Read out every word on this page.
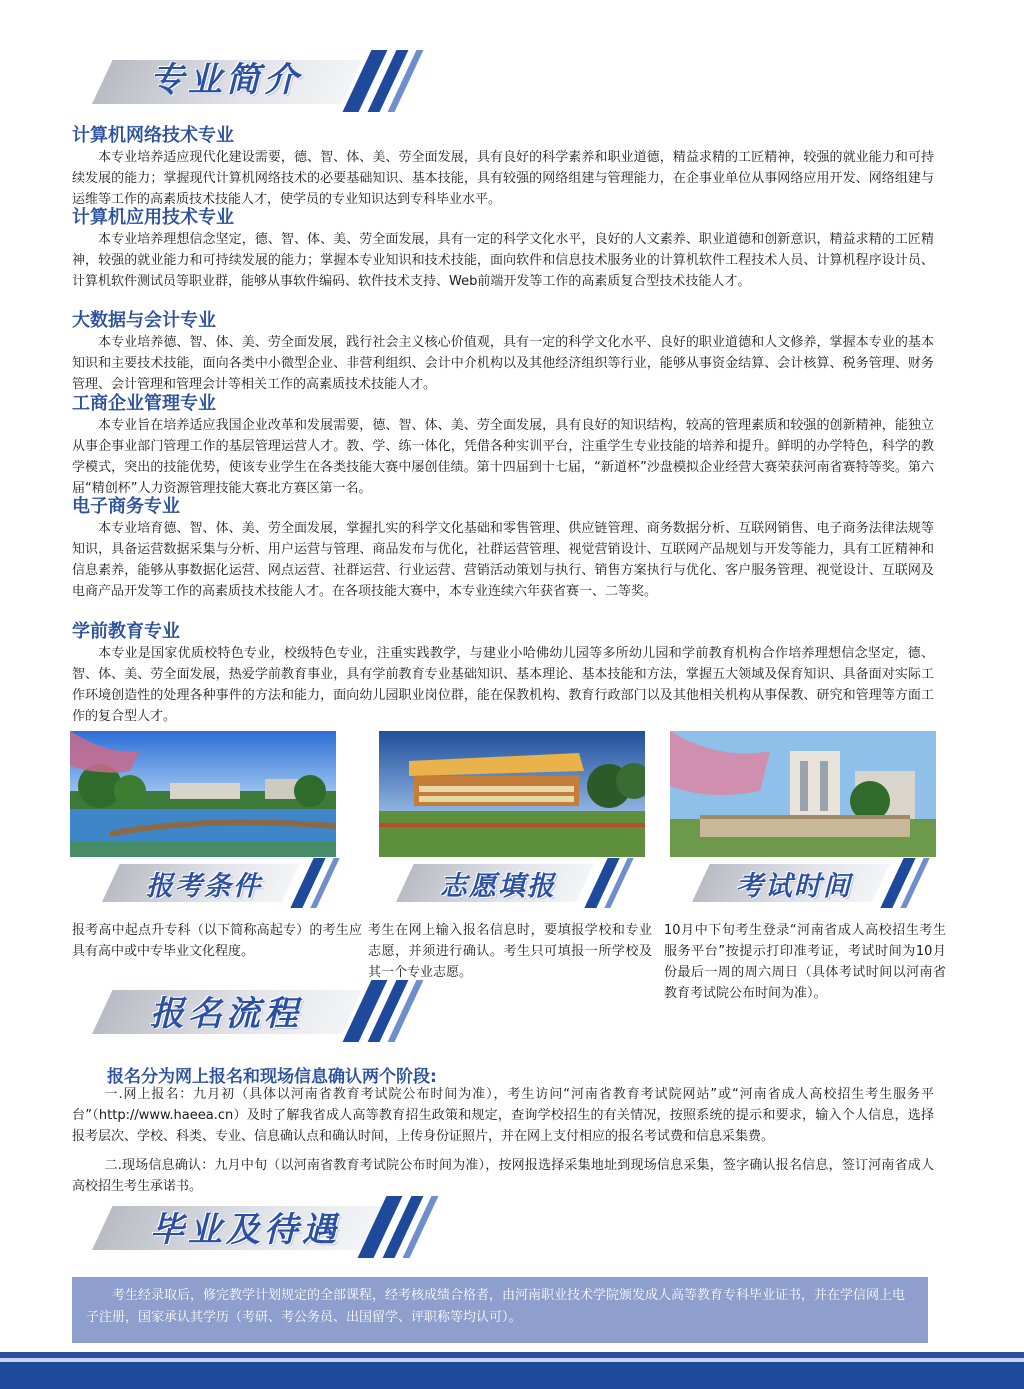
专业简介
计算机网络技术专业

本专业培养适应现代化建设需要，德、智、体、美、劳全面发展，具有良好的科学素养和职业道德，精益求精的工匠精神，较强的就业能力和可持续发展的能力；掌握现代计算机网络技术的必要基础知识、基本技能，具有较强的网络组建与管理能力，在企事业单位从事网络应用开发、网络组建与运维等工作的高素质技术技能人才，使学员的专业知识达到专科毕业水平。

计算机应用技术专业

本专业培养理想信念坚定，德、智、体、美、劳全面发展，具有一定的科学文化水平，良好的人文素养、职业道德和创新意识，精益求精的工匠精神，较强的就业能力和可持续发展的能力；掌握本专业知识和技术技能，面向软件和信息技术服务业的计算机软件工程技术人员、计算机程序设计员、计算机软件测试员等职业群，能够从事软件编码、软件技术支持、Web前端开发等工作的高素质复合型技术技能人才。

大数据与会计专业

本专业培养德、智、体、美、劳全面发展，践行社会主义核心价值观，具有一定的科学文化水平、良好的职业道德和人文修养，掌握本专业的基本知识和主要技术技能，面向各类中小微型企业、非营利组织、会计中介机构以及其他经济组织等行业，能够从事资金结算、会计核算、税务管理、财务管理、会计管理和管理会计等相关工作的高素质技术技能人才。

工商企业管理专业

本专业旨在培养适应我国企业改革和发展需要，德、智、体、美、劳全面发展，具有良好的知识结构，较高的管理素质和较强的创新精神，能独立从事企事业部门管理工作的基层管理运营人才。教、学、练一体化，凭借各种实训平台，注重学生专业技能的培养和提升。鲜明的办学特色，科学的教学模式，突出的技能优势，使该专业学生在各类技能大赛中屡创佳绩。第十四届到十七届，“新道杯”沙盘模拟企业经营大赛荣获河南省赛特等奖。第六届“精创杯”人力资源管理技能大赛北方赛区第一名。

电子商务专业

本专业培育德、智、体、美、劳全面发展，掌握扎实的科学文化基础和零售管理、供应链管理、商务数据分析、互联网销售、电子商务法律法规等知识，具备运营数据采集与分析、用户运营与管理、商品发布与优化，社群运营管理、视觉营销设计、互联网产品规划与开发等能力，具有工匠精神和信息素养，能够从事数据化运营、网点运营、社群运营、行业运营、营销活动策划与执行、销售方案执行与优化、客户服务管理、视觉设计、互联网及电商产品开发等工作的高素质技术技能人才。在各项技能大赛中，本专业连续六年获省赛一、二等奖。

学前教育专业

本专业是国家优质校特色专业，校级特色专业，注重实践教学，与建业小哈佛幼儿园等多所幼儿园和学前教育机构合作培养理想信念坚定，德、智、体、美、劳全面发展，热爱学前教育事业，具有学前教育专业基础知识、基本理论、基本技能和方法，掌握五大领域及保育知识、具备面对实际工作环境创造性的处理各种事件的方法和能力，面向幼儿园职业岗位群，能在保教机构、教育行政部门以及其他相关机构从事保教、研究和管理等方面工作的复合型人才。

报考条件	志愿填报	考试时间
报考高中起点升专科（以下简称高起专）的考生应具有高中或中专毕业文化程度。
考生在网上输入报名信息时，要填报学校和专业志愿，并须进行确认。考生只可填报一所学校及其一个专业志愿。
10月中下旬考生登录“河南省成人高校招生考生服务平台”按提示打印准考证，考试时间为10月份最后一周的周六周日（具体考试时间以河南省教育考试院公布时间为准）。
报名流程
报名分为网上报名和现场信息确认两个阶段:
一.网上报名：九月初（具体以河南省教育考试院公布时间为准），考生访问“河南省教育考试院网站”或“河南省成人高校招生考生服务平台”（http://www.haeea.cn）及时了解我省成人高等教育招生政策和规定，查询学校招生的有关情况，按照系统的提示和要求，输入个人信息，选择报考层次、学校、科类、专业、信息确认点和确认时间，上传身份证照片，并在网上支付相应的报名考试费和信息采集费。
二.现场信息确认：九月中旬（以河南省教育考试院公布时间为准），按网报选择采集地址到现场信息采集，签字确认报名信息，签订河南省成人高校招生考生承诺书。
毕业及待遇
考生经录取后，修完教学计划规定的全部课程，经考核成绩合格者，由河南职业技术学院颁发成人高等教育专科毕业证书，并在学信网上电子注册，国家承认其学历（考研、考公务员、出国留学、评职称等均认可）。
